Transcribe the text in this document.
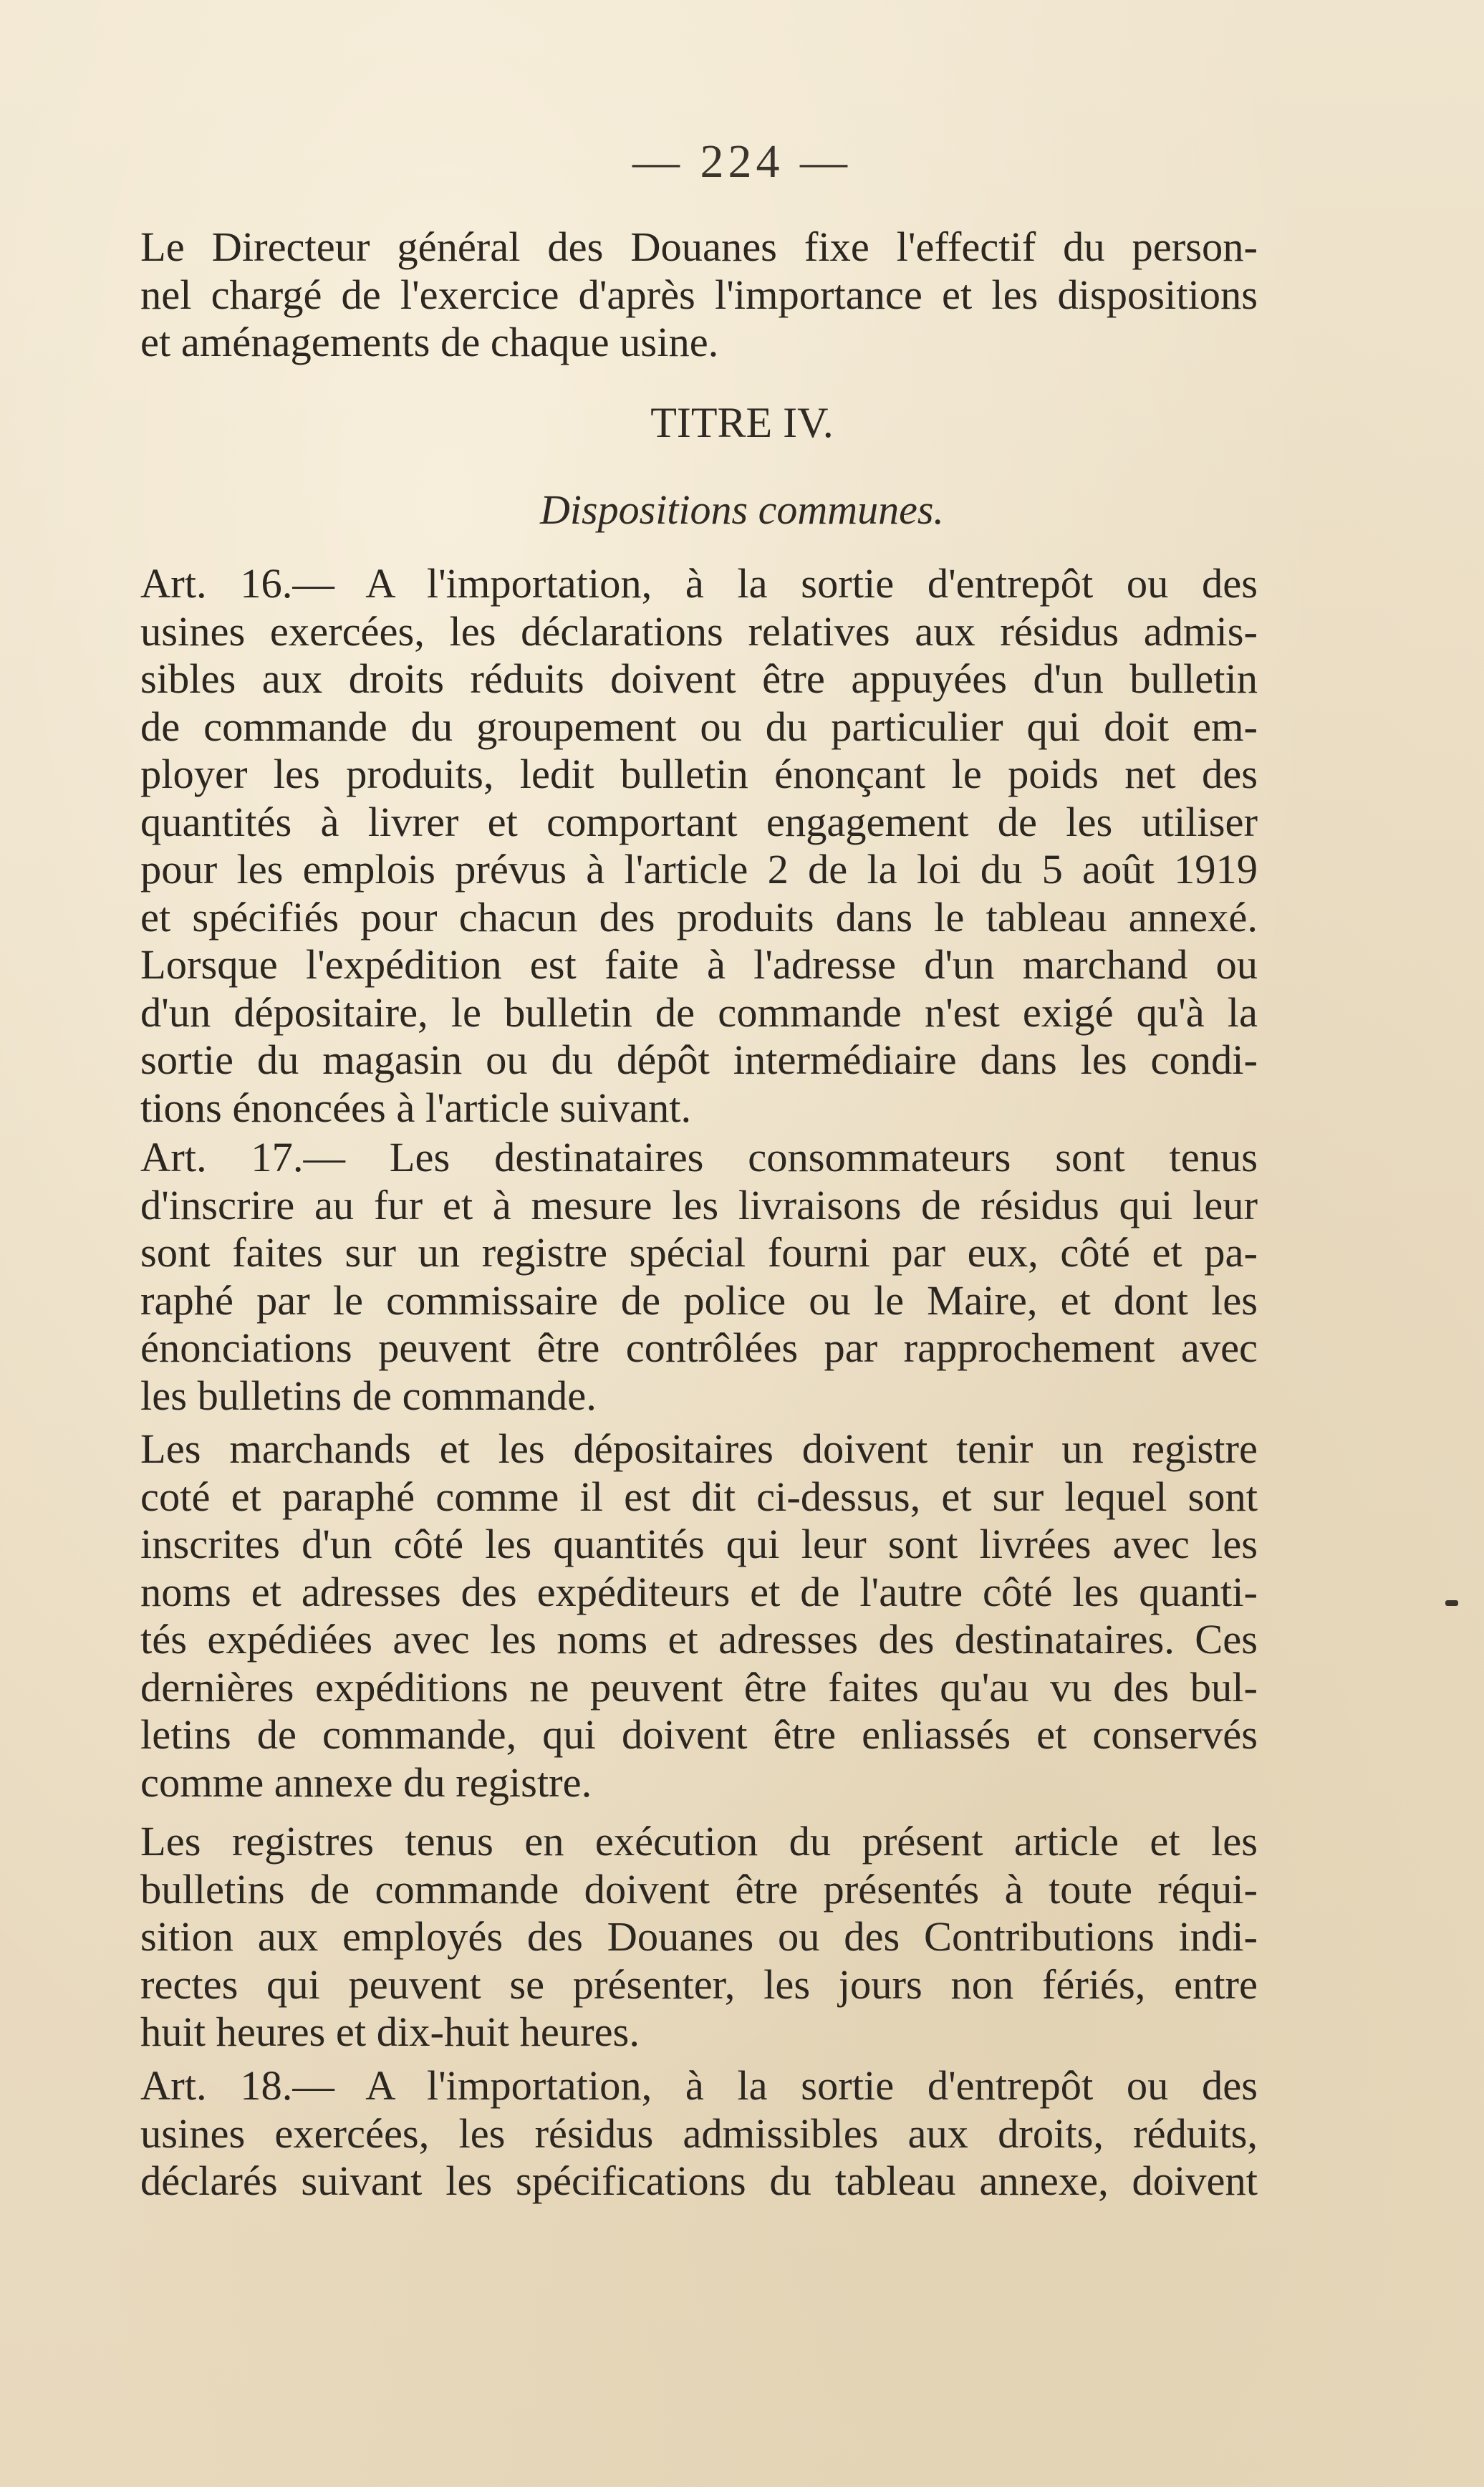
— 224 —
Le Directeur général des Douanes fixe l'effectif du person-
nel chargé de l'exercice d'après l'importance et les dispositions
et aménagements de chaque usine.
TITRE IV.
Dispositions communes.
Art. 16.— A l'importation, à la sortie d'entrepôt ou des
usines exercées, les déclarations relatives aux résidus admis-
sibles aux droits réduits doivent être appuyées d'un bulletin
de commande du groupement ou du particulier qui doit em-
ployer les produits, ledit bulletin énonçant le poids net des
quantités à livrer et comportant engagement de les utiliser
pour les emplois prévus à l'article 2 de la loi du 5 août 1919
et spécifiés pour chacun des produits dans le tableau annexé.
Lorsque l'expédition est faite à l'adresse d'un marchand ou
d'un dépositaire, le bulletin de commande n'est exigé qu'à la
sortie du magasin ou du dépôt intermédiaire dans les condi-
tions énoncées à l'article suivant.
Art. 17.— Les destinataires consommateurs sont tenus
d'inscrire au fur et à mesure les livraisons de résidus qui leur
sont faites sur un registre spécial fourni par eux, côté et pa-
raphé par le commissaire de police ou le Maire, et dont les
énonciations peuvent être contrôlées par rapprochement avec
les bulletins de commande.
Les marchands et les dépositaires doivent tenir un registre
coté et paraphé comme il est dit ci-dessus, et sur lequel sont
inscrites d'un côté les quantités qui leur sont livrées avec les
noms et adresses des expéditeurs et de l'autre côté les quanti-
tés expédiées avec les noms et adresses des destinataires. Ces
dernières expéditions ne peuvent être faites qu'au vu des bul-
letins de commande, qui doivent être enliassés et conservés
comme annexe du registre.
Les registres tenus en exécution du présent article et les
bulletins de commande doivent être présentés à toute réqui-
sition aux employés des Douanes ou des Contributions indi-
rectes qui peuvent se présenter, les jours non fériés, entre
huit heures et dix-huit heures.
Art. 18.— A l'importation, à la sortie d'entrepôt ou des
usines exercées, les résidus admissibles aux droits, réduits,
déclarés suivant les spécifications du tableau annexe, doivent
